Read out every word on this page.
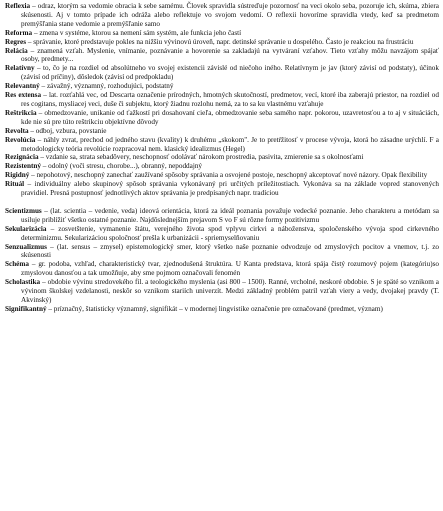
Reflexia – odraz, ktorým sa vedomie obracia k sebe samému. Človek spravidla sústreďuje pozornosť na veci okolo seba, pozoruje ich, skúma, zbiera skúsenosti. Aj v tomto prípade ich odráža alebo reflektuje vo svojom vedomí. O reflexii hovoríme spravidla vtedy, keď sa predmetom premýšľania stane vedomie a premýšľanie samo

Reforma – zmena v systéme, ktorou sa nemení sám systém, ale funkcia jeho častí

Regres – správanie, ktoré predstavuje pokles na nižšiu vývinovú úroveň, napr. detinské správanie u dospelého. Často je reakciou na frustráciu

Relácia – znamená vzťah. Myslenie, vnímanie, poznávanie a hovorenie sa zakladajú na vytváraní vzťahov. Tieto vzťahy môžu navzájom spájať osoby, predmety...

Relatívny – to, čo je na rozdiel od absolútneho vo svojej existencii závislé od niečoho iného. Relatívnym je jav (ktorý závisí od podstaty), účinok (závisí od príčiny), dôsledok (závisí od predpokladu)

Relevantný – závažný, významný, rozhodujúci, podstatný

Res extensa – lat. rozťahlá vec, od Descarta označenie prírodných, hmotných skutočností, predmetov, vecí, ktoré iba zaberajú priestor, na rozdiel od res cogitans, mysliacej veci, duše či subjektu, ktorý žiadnu rozlohu nemá, za to sa ku vlastnému vzťahuje

Reštrikcia – obmedzovanie, unikanie od ťažkostí pri dosahovaní cieľa, obmedzovanie seba samého napr. pokorou, uzavretosťou a to aj v situáciách, kde nie sú pre túto reštrikciu objektívne dôvody

Revolta – odboj, vzbura, povstanie

Revolúcia – náhly zvrat, prechod od jedného stavu (kvality) k druhému „skokom". Je to pretŕžitosť v procese vývoja, ktorá ho zásadne urýchlí. F a metodologicky teória revolúcie rozpracoval nem. klasický idealizmus (Hegel)

Rezignácia – vzdanie sa, strata sebadôvery, neschopnosť odolávať nárokom prostredia, pasivita, zmierenie sa s okolnosťami

Rezistentný – odolný (voči stresu, chorobe...), obranný, nepoddajný

Rigidný – nepohotový, neschopný zanechať zaužívané spôsoby správania a osvojené postoje, neschopný akceptovať nové názory. Opak flexibility

Rituál – individuálny alebo skupinový spôsob správania vykonávaný pri určitých príležitostiach. Vykonáva sa na základe vopred stanovených pravidiel. Presná postupnosť jednotlivých aktov správania je predpísaných napr. tradíciou

Scientizmus – (lat. scientia – vedenie, veda) ideová orientácia, ktorá za ideál poznania považuje vedecké poznanie. Jeho charakteru a metódam sa usiluje priblížiť všetko ostatné poznanie. Najdôslednejším prejavom S vo F sú rôzne formy pozitivizmu

Sekularizácia – zosvetštenie, vymanenie štátu, verejného života spod vplyvu cirkvi a náboženstva, spoločenského vývoja spod cirkevného determinizmu. Sekularizáciou spoločnosť prešla k urbanizácii - spriemyselňovaniu

Senzualizmus – (lat. sensus – zmysel) epistemologický smer, ktorý všetko naše poznanie odvodzuje od zmyslových pocitov a vnemov, t.j. zo skúsenosti

Schéma – gr. podoba, vzhľad, charakteristický tvar, zjednodušená štruktúra. U Kanta predstava, ktorá spája čistý rozumový pojem (kategóriu)so zmyslovou danosťou a tak umožňuje, aby sme pojmom označovali fenomén

Scholastika – obdobie vývinu stredovekého fil. a teologického myslenia (asi 800 – 1500). Ranné, vrcholné, neskoré obdobie. S je späté so vznikom a vývinom školskej vzdelanosti, neskôr so vznikom stariích univerzít. Medzi základný problém patril vzťah viery a vedy, dvojakej pravdy (T. Akvinský)

Signifikantný – príznačný, štatisticky významný, signifikát – v modernej lingvistike označenie pre označované (predmet, význam)
